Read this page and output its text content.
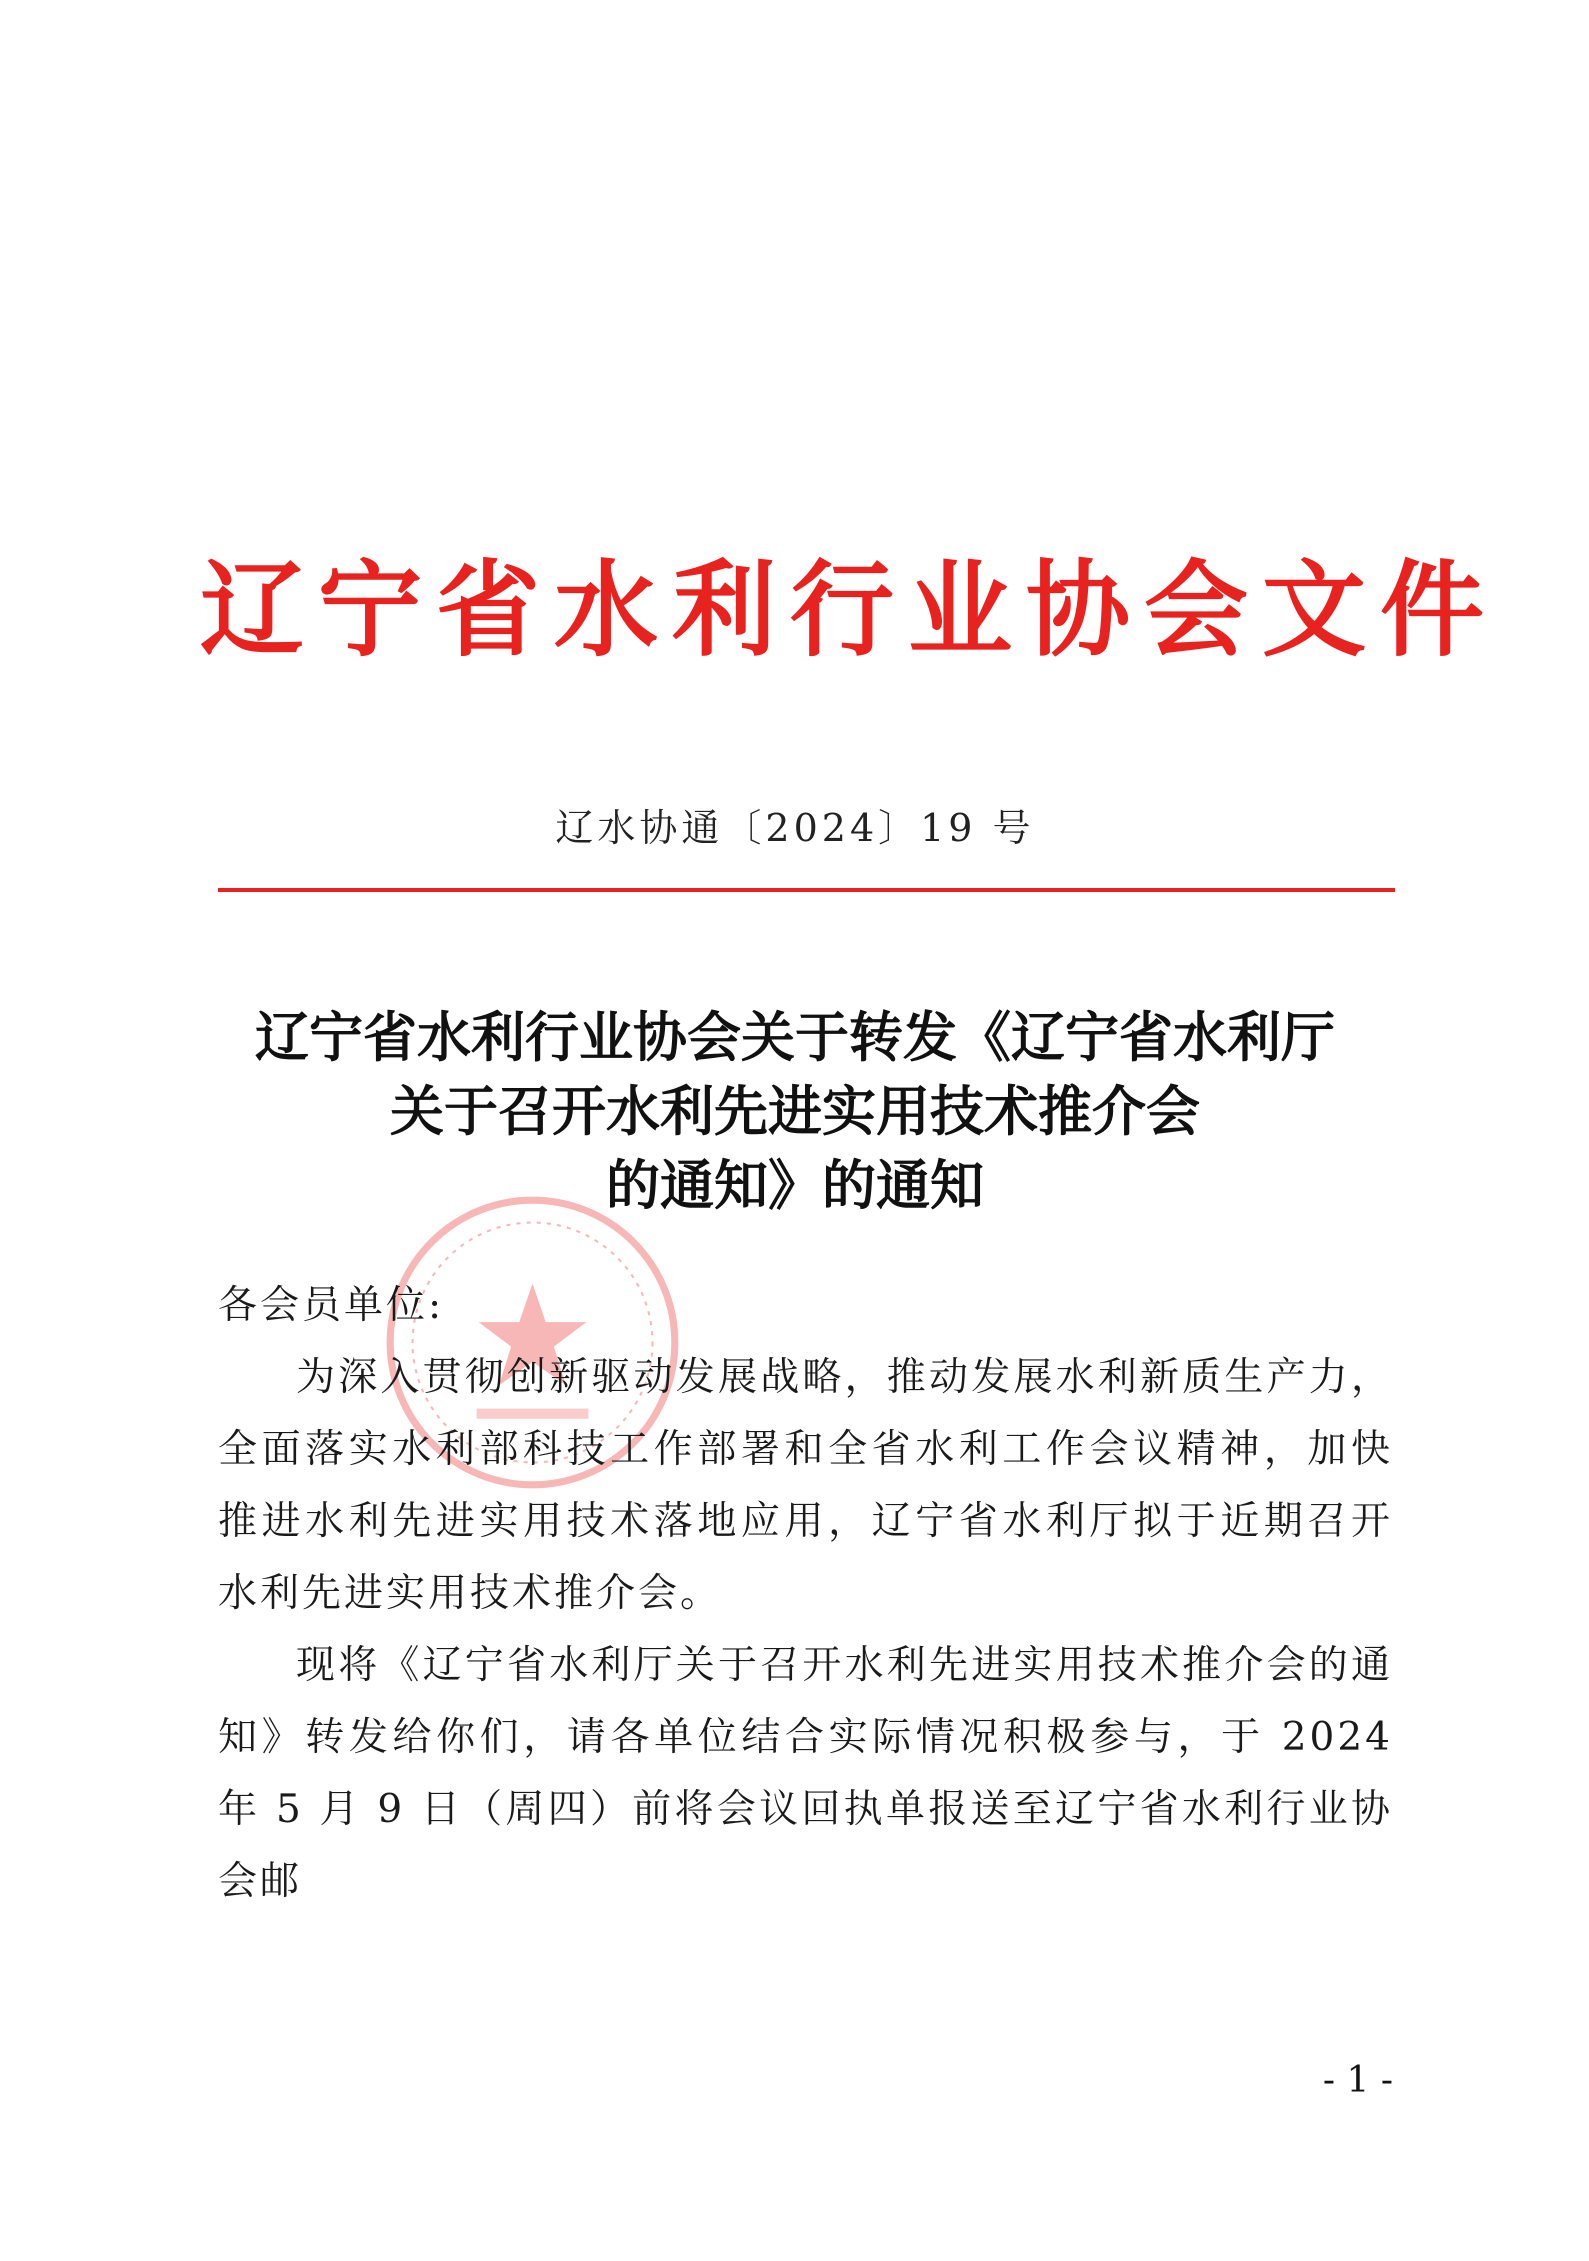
辽宁省水利行业协会文件
辽水协通〔2024〕19 号
辽宁省水利行业协会关于转发《辽宁省水利厅
关于召开水利先进实用技术推介会
的通知》的通知
各会员单位:
为深入贯彻创新驱动发展战略，推动发展水利新质生产力，全面落实水利部科技工作部署和全省水利工作会议精神，加快推进水利先进实用技术落地应用，辽宁省水利厅拟于近期召开水利先进实用技术推介会。
现将《辽宁省水利厅关于召开水利先进实用技术推介会的通知》转发给你们，请各单位结合实际情况积极参与，于 2024 年 5 月 9 日（周四）前将会议回执单报送至辽宁省水利行业协会邮
- 1 -
